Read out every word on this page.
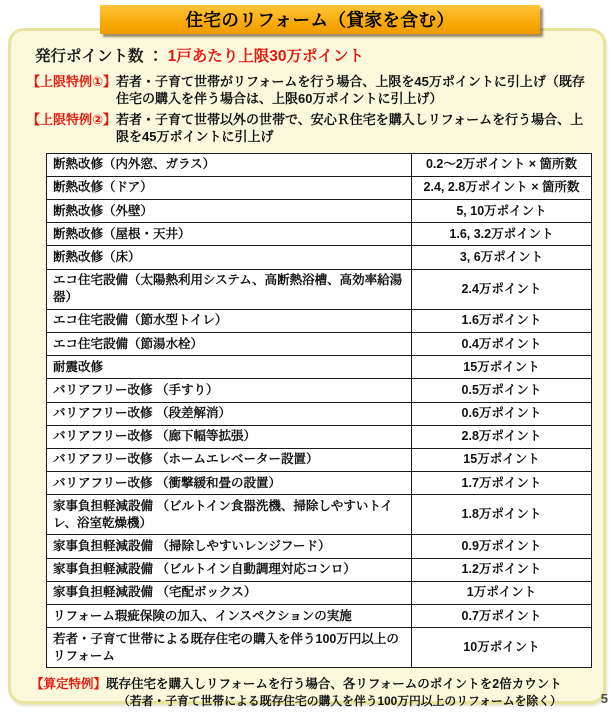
発行ポイント数 ： 1戸あたり上限30万ポイント
【上限特例①】 若者・子育て世帯がリフォームを行う場合、上限を45万ポイントに引上げ（既存住宅の購入を伴う場合は、上限60万ポイントに引上げ）
【上限特例②】 若者・子育て世帯以外の世帯で、安心Ｒ住宅を購入しリフォームを行う場合、上限を45万ポイントに引上げ
断熱改修（内外窓、ガラス）	0.2～2万ポイント × 箇所数
断熱改修（ドア）	2.4, 2.8万ポイント × 箇所数
断熱改修（外壁）	5, 10万ポイント
断熱改修（屋根・天井）	1.6, 3.2万ポイント
断熱改修（床）	3, 6万ポイント
エコ住宅設備（太陽熱利用システム、高断熱浴槽、高効率給湯器）	2.4万ポイント
エコ住宅設備（節水型トイレ）	1.6万ポイント
エコ住宅設備（節湯水栓）	0.4万ポイント
耐震改修	15万ポイント
バリアフリー改修 （手すり）	0.5万ポイント
バリアフリー改修 （段差解消）	0.6万ポイント
バリアフリー改修 （廊下幅等拡張）	2.8万ポイント
バリアフリー改修 （ホームエレベーター設置）	15万ポイント
バリアフリー改修 （衝撃緩和畳の設置）	1.7万ポイント
家事負担軽減設備 （ビルトイン食器洗機、掃除しやすいトイレ、浴室乾燥機）	1.8万ポイント
家事負担軽減設備 （掃除しやすいレンジフード）	0.9万ポイント
家事負担軽減設備 （ビルトイン自動調理対応コンロ）	1.2万ポイント
家事負担軽減設備 （宅配ボックス）	1万ポイント
リフォーム瑕疵保険の加入、インスペクションの実施	0.7万ポイント
若者・子育て世帯による既存住宅の購入を伴う100万円以上のリフォーム	10万ポイント
【算定特例】 既存住宅を購入しリフォームを行う場合、各リフォームのポイントを2倍カウント
（若者・子育て世帯による既存住宅の購入を伴う100万円以上のリフォームを除く）
住宅のリフォーム（貸家を含む）
5
